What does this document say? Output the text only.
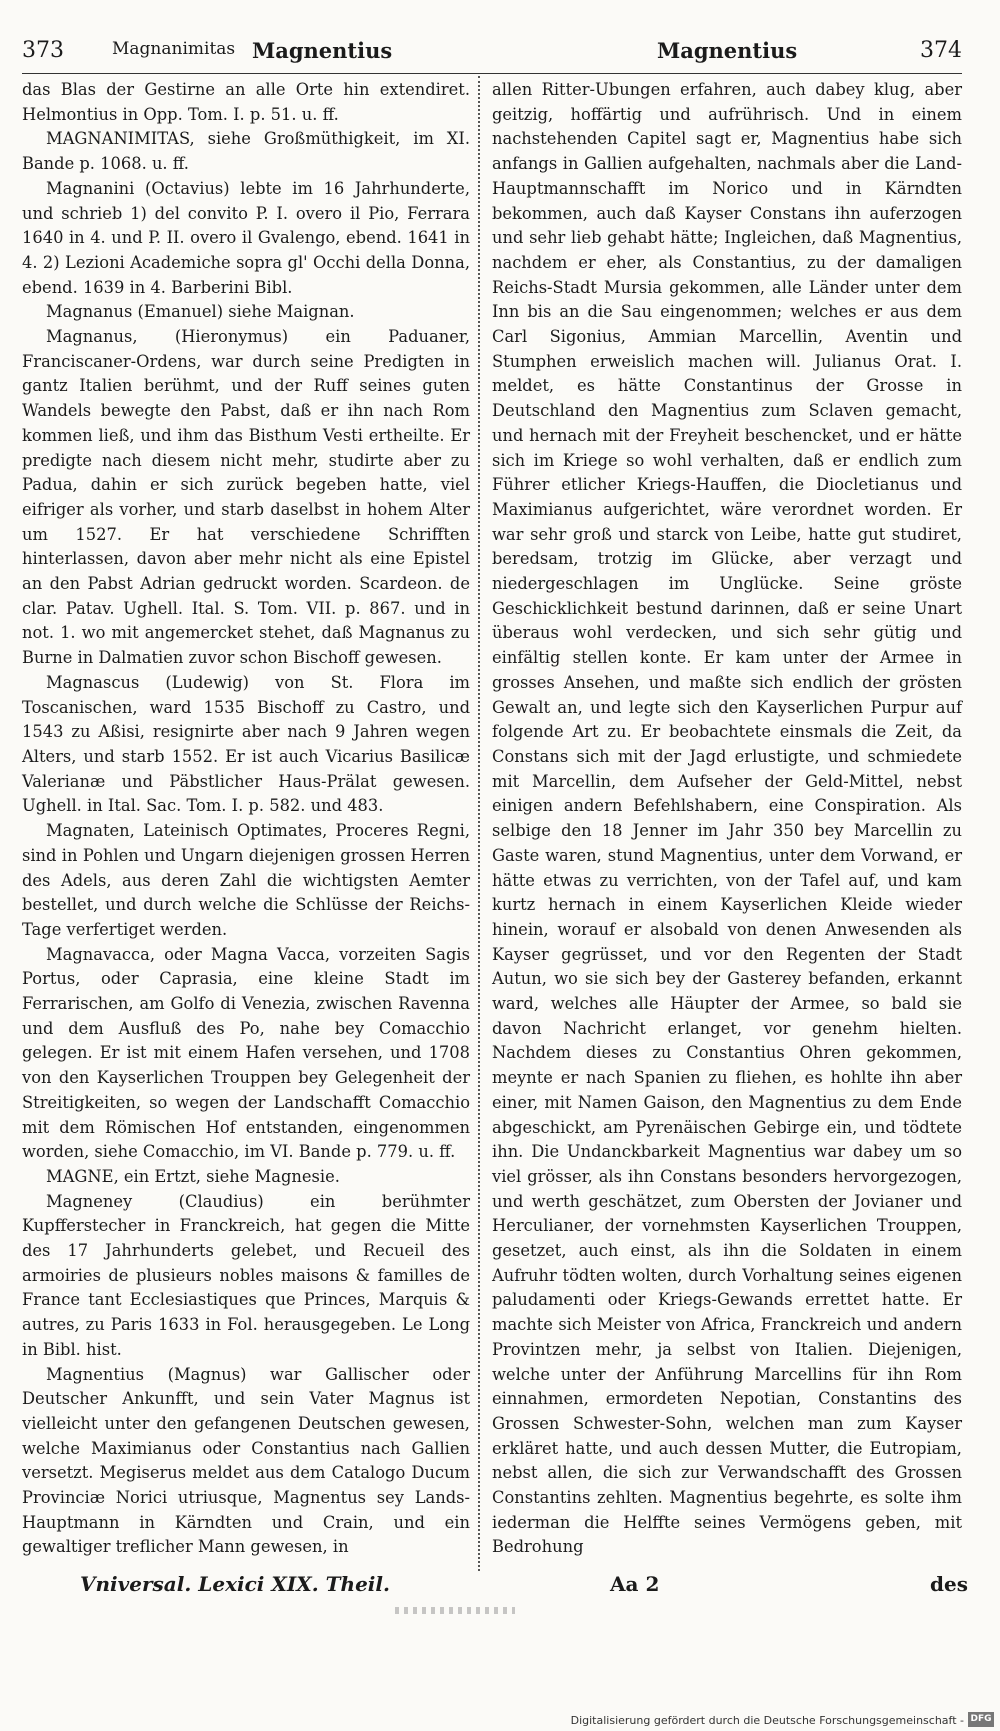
373	Magnanimitas Magnentius	Magnentius	374

das Blas der Gestirne an alle Orte hin extendiret. Helmontius in Opp. Tom. I. p. 51. u. ff.

MAGNANIMITAS, siehe Großmüthigkeit, im XI. Bande p. 1068. u. ff.

Magnanini (Octavius) lebte im 16 Jahrhunderte, und schrieb 1) del convito P. I. overo il Pio, Ferrara 1640 in 4. und P. II. overo il Gvalengo, ebend. 1641 in 4. 2) Lezioni Academiche sopra gl' Occhi della Donna, ebend. 1639 in 4. Barberini Bibl.

Magnanus (Emanuel) siehe Maignan.

Magnanus, (Hieronymus) ein Paduaner, Franciscaner-Ordens, war durch seine Predigten in gantz Italien berühmt, und der Ruff seines guten Wandels bewegte den Pabst, daß er ihn nach Rom kommen ließ, und ihm das Bisthum Vesti ertheilte. Er predigte nach diesem nicht mehr, studirte aber zu Padua, dahin er sich zurück begeben hatte, viel eifriger als vorher, und starb daselbst in hohem Alter um 1527. Er hat verschiedene Schrifften hinterlassen, davon aber mehr nicht als eine Epistel an den Pabst Adrian gedruckt worden. Scardeon. de clar. Patav. Ughell. Ital. S. Tom. VII. p. 867. und in not. 1. wo mit angemercket stehet, daß Magnanus zu Burne in Dalmatien zuvor schon Bischoff gewesen.

Magnascus (Ludewig) von St. Flora im Toscanischen, ward 1535 Bischoff zu Castro, und 1543 zu Aßisi, resignirte aber nach 9 Jahren wegen Alters, und starb 1552. Er ist auch Vicarius Basilicæ Valerianæ und Päbstlicher Haus-Prälat gewesen. Ughell. in Ital. Sac. Tom. I. p. 582. und 483.

Magnaten, Lateinisch Optimates, Proceres Regni, sind in Pohlen und Ungarn diejenigen grossen Herren des Adels, aus deren Zahl die wichtigsten Aemter bestellet, und durch welche die Schlüsse der Reichs-Tage verfertiget werden.

Magnavacca, oder Magna Vacca, vorzeiten Sagis Portus, oder Caprasia, eine kleine Stadt im Ferrarischen, am Golfo di Venezia, zwischen Ravenna und dem Ausfluß des Po, nahe bey Comacchio gelegen. Er ist mit einem Hafen versehen, und 1708 von den Kayserlichen Trouppen bey Gelegenheit der Streitigkeiten, so wegen der Landschafft Comacchio mit dem Römischen Hof entstanden, eingenommen worden, siehe Comacchio, im VI. Bande p. 779. u. ff.

MAGNE, ein Ertzt, siehe Magnesie.

Magneney (Claudius) ein berühmter Kupfferstecher in Franckreich, hat gegen die Mitte des 17 Jahrhunderts gelebet, und Recueil des armoiries de plusieurs nobles maisons & familles de France tant Ecclesiastiques que Princes, Marquis & autres, zu Paris 1633 in Fol. herausgegeben. Le Long in Bibl. hist.

Magnentius (Magnus) war Gallischer oder Deutscher Ankunfft, und sein Vater Magnus ist vielleicht unter den gefangenen Deutschen gewesen, welche Maximianus oder Constantius nach Gallien versetzt. Megiserus meldet aus dem Catalogo Ducum Provinciæ Norici utriusque, Magnentus sey Lands-Hauptmann in Kärndten und Crain, und ein gewaltiger treflicher Mann gewesen, in

allen Ritter-Ubungen erfahren, auch dabey klug, aber geitzig, hoffärtig und aufrührisch. Und in einem nachstehenden Capitel sagt er, Magnentius habe sich anfangs in Gallien aufgehalten, nachmals aber die Land-Hauptmannschafft im Norico und in Kärndten bekommen, auch daß Kayser Constans ihn auferzogen und sehr lieb gehabt hätte; Ingleichen, daß Magnentius, nachdem er eher, als Constantius, zu der damaligen Reichs-Stadt Mursia gekommen, alle Länder unter dem Inn bis an die Sau eingenommen; welches er aus dem Carl Sigonius, Ammian Marcellin, Aventin und Stumphen erweislich machen will. Julianus Orat. I. meldet, es hätte Constantinus der Grosse in Deutschland den Magnentius zum Sclaven gemacht, und hernach mit der Freyheit beschencket, und er hätte sich im Kriege so wohl verhalten, daß er endlich zum Führer etlicher Kriegs-Hauffen, die Diocletianus und Maximianus aufgerichtet, wäre verordnet worden. Er war sehr groß und starck von Leibe, hatte gut studiret, beredsam, trotzig im Glücke, aber verzagt und niedergeschlagen im Unglücke. Seine gröste Geschicklichkeit bestund darinnen, daß er seine Unart überaus wohl verdecken, und sich sehr gütig und einfältig stellen konte. Er kam unter der Armee in grosses Ansehen, und maßte sich endlich der grösten Gewalt an, und legte sich den Kayserlichen Purpur auf folgende Art zu. Er beobachtete einsmals die Zeit, da Constans sich mit der Jagd erlustigte, und schmiedete mit Marcellin, dem Aufseher der Geld-Mittel, nebst einigen andern Befehlshabern, eine Conspiration. Als selbige den 18 Jenner im Jahr 350 bey Marcellin zu Gaste waren, stund Magnentius, unter dem Vorwand, er hätte etwas zu verrichten, von der Tafel auf, und kam kurtz hernach in einem Kayserlichen Kleide wieder hinein, worauf er alsobald von denen Anwesenden als Kayser gegrüsset, und vor den Regenten der Stadt Autun, wo sie sich bey der Gasterey befanden, erkannt ward, welches alle Häupter der Armee, so bald sie davon Nachricht erlanget, vor genehm hielten. Nachdem dieses zu Constantius Ohren gekommen, meynte er nach Spanien zu fliehen, es hohlte ihn aber einer, mit Namen Gaison, den Magnentius zu dem Ende abgeschickt, am Pyrenäischen Gebirge ein, und tödtete ihn. Die Undanckbarkeit Magnentius war dabey um so viel grösser, als ihn Constans besonders hervorgezogen, und werth geschätzet, zum Obersten der Jovianer und Herculianer, der vornehmsten Kayserlichen Trouppen, gesetzet, auch einst, als ihn die Soldaten in einem Aufruhr tödten wolten, durch Vorhaltung seines eigenen paludamenti oder Kriegs-Gewands errettet hatte. Er machte sich Meister von Africa, Franckreich und andern Provintzen mehr, ja selbst von Italien. Diejenigen, welche unter der Anführung Marcellins für ihn Rom einnahmen, ermordeten Nepotian, Constantins des Grossen Schwester-Sohn, welchen man zum Kayser erkläret hatte, und auch dessen Mutter, die Eutropiam, nebst allen, die sich zur Verwandschafft des Grossen Constantins zehlten. Magnentius begehrte, es solte ihm iederman die Helffte seines Vermögens geben, mit Bedrohung

Vniversal. Lexici XIX. Theil.	Aa 2	des
Digitalisierung gefördert durch die Deutsche Forschungsgemeinschaft - DFG
